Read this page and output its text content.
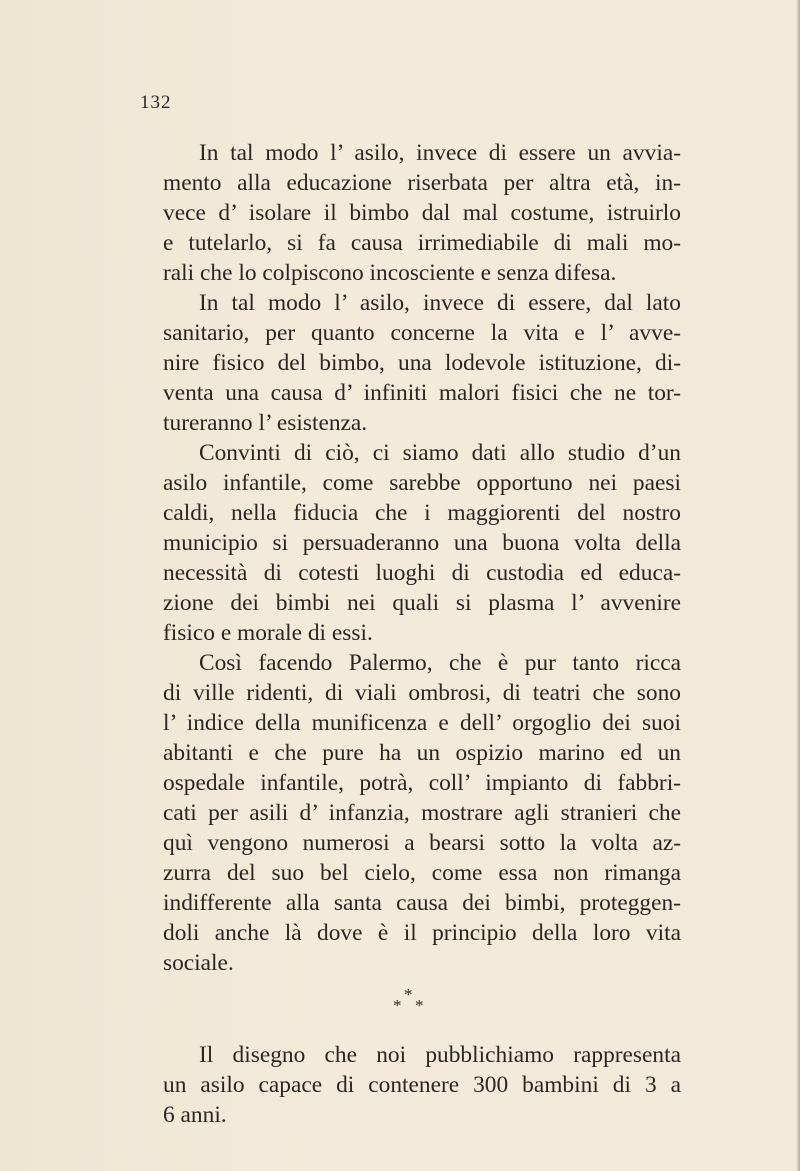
132
In tal modo l’ asilo, invece di essere un avvia-
mento alla educazione riserbata per altra età, in-
vece d’ isolare il bimbo dal mal costume, istruirlo
e tutelarlo, si fa causa irrimediabile di mali mo-
rali che lo colpiscono incosciente e senza difesa.
In tal modo l’ asilo, invece di essere, dal lato
sanitario, per quanto concerne la vita e l’ avve-
nire fisico del bimbo, una lodevole istituzione, di-
venta una causa d’ infiniti malori fisici che ne tor-
tureranno l’ esistenza.
Convinti di ciò, ci siamo dati allo studio d’un
asilo infantile, come sarebbe opportuno nei paesi
caldi, nella fiducia che i maggiorenti del nostro
municipio si persuaderanno una buona volta della
necessità di cotesti luoghi di custodia ed educa-
zione dei bimbi nei quali si plasma l’ avvenire
fisico e morale di essi.
Così facendo Palermo, che è pur tanto ricca
di ville ridenti, di viali ombrosi, di teatri che sono
l’ indice della munificenza e dell’ orgoglio dei suoi
abitanti e che pure ha un ospizio marino ed un
ospedale infantile, potrà, coll’ impianto di fabbri-
cati per asili d’ infanzia, mostrare agli stranieri che
quì vengono numerosi a bearsi sotto la volta az-
zurra del suo bel cielo, come essa non rimanga
indifferente alla santa causa dei bimbi, proteggen-
doli anche là dove è il principio della loro vita
sociale.
*
* *
Il disegno che noi pubblichiamo rappresenta
un asilo capace di contenere 300 bambini di 3 a
6 anni.
